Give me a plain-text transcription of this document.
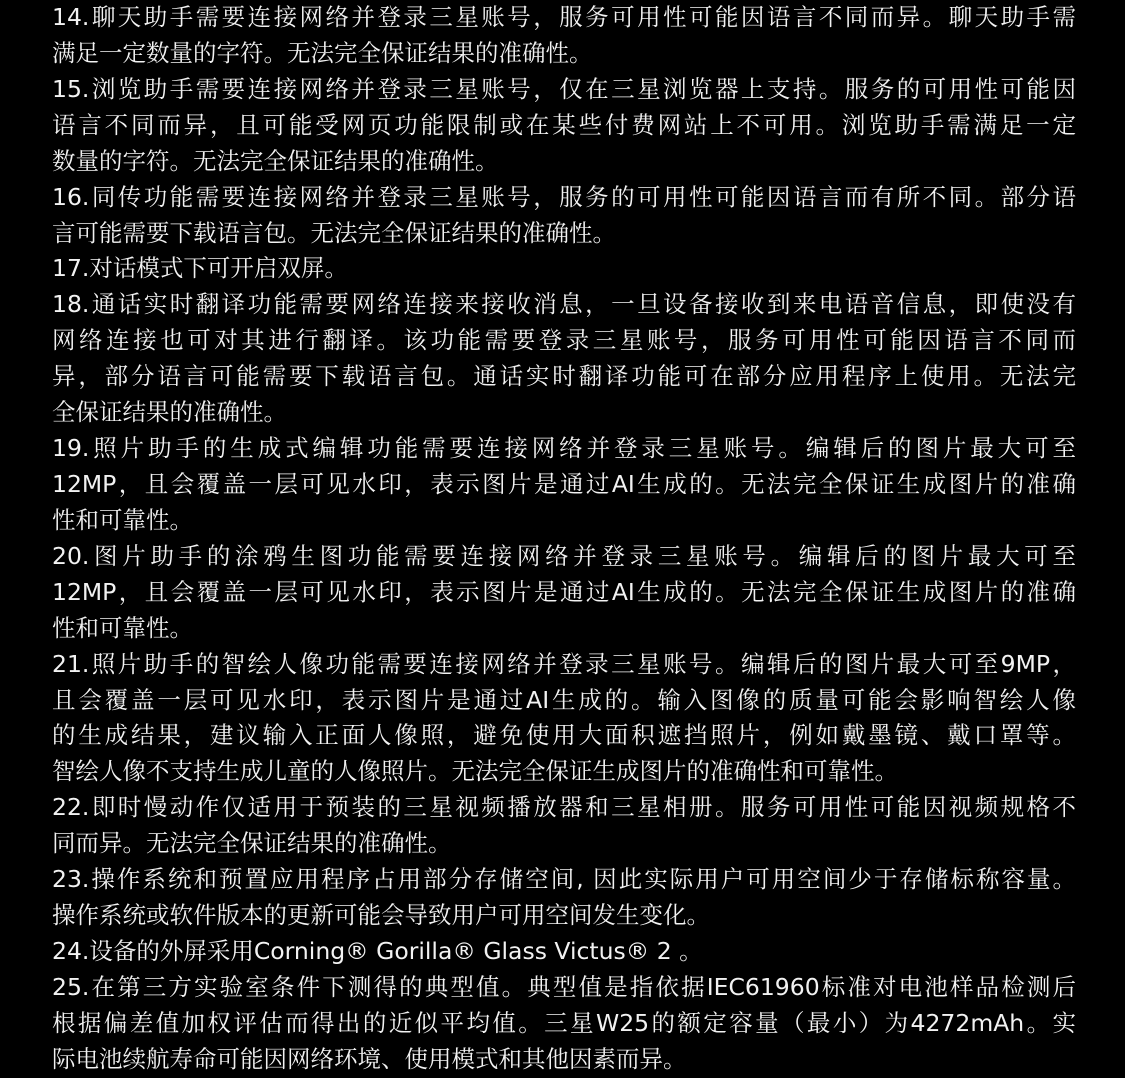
14.聊天助手需要连接网络并登录三星账号，服务可用性可能因语言不同而异。聊天助手需
满足一定数量的字符。无法完全保证结果的准确性。
15.浏览助手需要连接网络并登录三星账号，仅在三星浏览器上支持。服务的可用性可能因
语言不同而异，且可能受网页功能限制或在某些付费网站上不可用。浏览助手需满足一定
数量的字符。无法完全保证结果的准确性。
16.同传功能需要连接网络并登录三星账号，服务的可用性可能因语言而有所不同。部分语
言可能需要下载语言包。无法完全保证结果的准确性。
17.对话模式下可开启双屏。
18.通话实时翻译功能需要网络连接来接收消息，一旦设备接收到来电语音信息，即使没有
网络连接也可对其进行翻译。该功能需要登录三星账号，服务可用性可能因语言不同而
异，部分语言可能需要下载语言包。通话实时翻译功能可在部分应用程序上使用。无法完
全保证结果的准确性。
19.照片助手的生成式编辑功能需要连接网络并登录三星账号。编辑后的图片最大可至
12MP，且会覆盖一层可见水印，表示图片是通过AI生成的。无法完全保证生成图片的准确
性和可靠性。
20.图片助手的涂鸦生图功能需要连接网络并登录三星账号。编辑后的图片最大可至
12MP，且会覆盖一层可见水印，表示图片是通过AI生成的。无法完全保证生成图片的准确
性和可靠性。
21.照片助手的智绘人像功能需要连接网络并登录三星账号。编辑后的图片最大可至9MP，
且会覆盖一层可见水印，表示图片是通过AI生成的。输入图像的质量可能会影响智绘人像
的生成结果，建议输入正面人像照，避免使用大面积遮挡照片，例如戴墨镜、戴口罩等。
智绘人像不支持生成儿童的人像照片。无法完全保证生成图片的准确性和可靠性。
22.即时慢动作仅适用于预装的三星视频播放器和三星相册。服务可用性可能因视频规格不
同而异。无法完全保证结果的准确性。
23.操作系统和预置应用程序占用部分存储空间, 因此实际用户可用空间少于存储标称容量。
操作系统或软件版本的更新可能会导致用户可用空间发生变化。
24.设备的外屏采用Corning® Gorilla® Glass Victus® 2 。
25.在第三方实验室条件下测得的典型值。典型值是指依据IEC61960标准对电池样品检测后
根据偏差值加权评估而得出的近似平均值。三星W25的额定容量（最小）为4272mAh。实
际电池续航寿命可能因网络环境、使用模式和其他因素而异。
